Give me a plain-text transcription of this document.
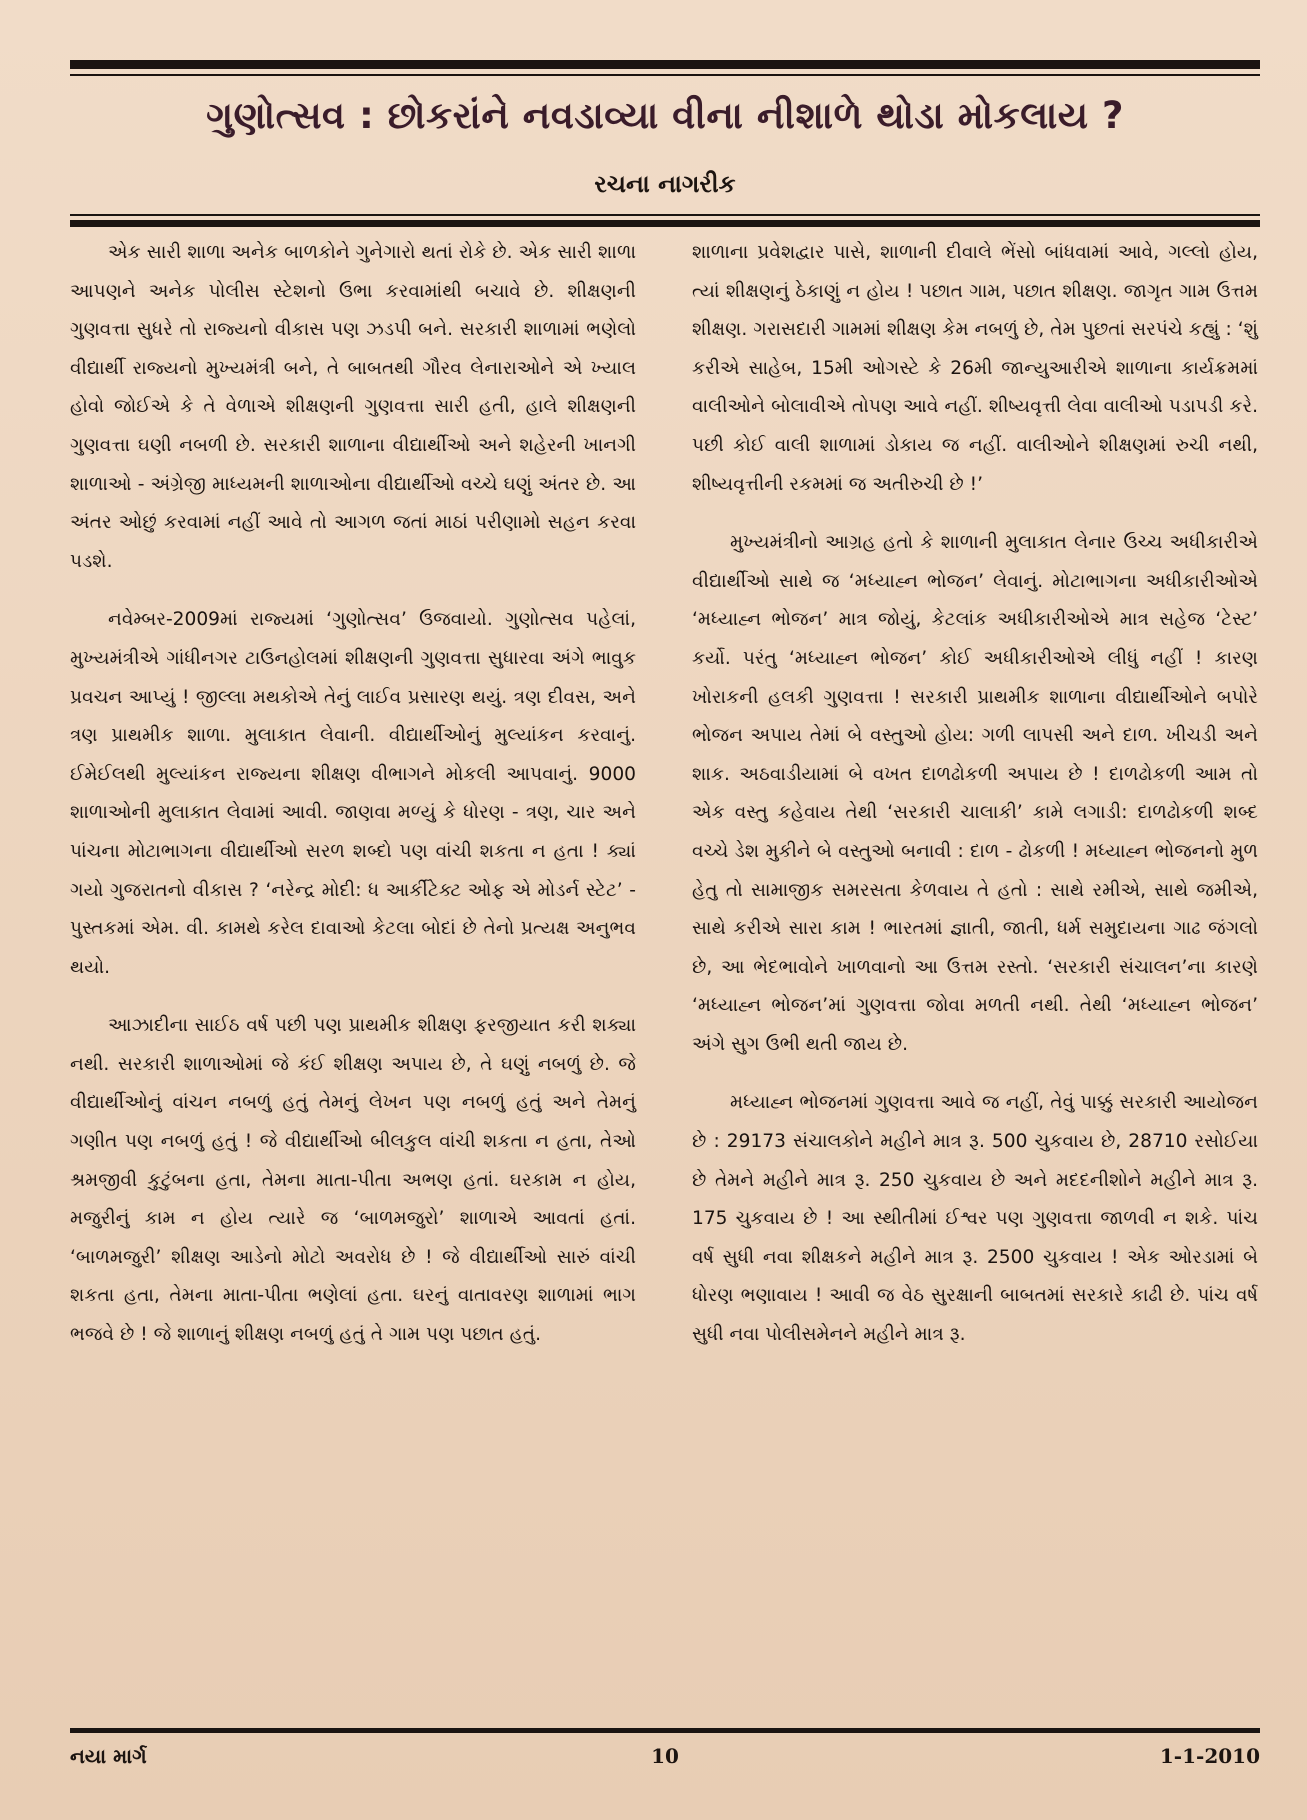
ગુણોત્સવ : છોકરાંને નવડાવ્યા વીના નીશાળે થોડા મોકલાય ?
રચના નાગરીક

એક સારી શાળા અનેક બાળકોને ગુનેગારો થતાં રોકે છે. એક સારી શાળા આપણને અનેક પોલીસ સ્ટેશનો ઉભા કરવામાંથી બચાવે છે. શીક્ષણની ગુણવત્તા સુધરે તો રાજ્યનો વીકાસ પણ ઝડપી બને. સરકારી શાળામાં ભણેલો વીદ્યાર્થી રાજ્યનો મુખ્યમંત્રી બને, તે બાબતથી ગૌરવ લેનારાઓને એ ખ્યાલ હોવો જોઈએ કે તે વેળાએ શીક્ષણની ગુણવત્તા સારી હતી, હાલે શીક્ષણની ગુણવત્તા ઘણી નબળી છે. સરકારી શાળાના વીદ્યાર્થીઓ અને શહેરની ખાનગી શાળાઓ - અંગ્રેજી માધ્યમની શાળાઓના વીદ્યાર્થીઓ વચ્ચે ઘણું અંતર છે. આ અંતર ઓછું કરવામાં નહીં આવે તો આગળ જતાં માઠાં પરીણામો સહન કરવા પડશે.

નવેમ્બર-2009માં રાજ્યમાં ‘ગુણોત્સવ’ ઉજવાયો. ગુણોત્સવ પહેલાં, મુખ્યમંત્રીએ ગાંધીનગર ટાઉનહોલમાં શીક્ષણની ગુણવત્તા સુધારવા અંગે ભાવુક પ્રવચન આપ્યું ! જીલ્લા મથકોએ તેનું લાઈવ પ્રસારણ થયું. ત્રણ દીવસ, અને ત્રણ પ્રાથમીક શાળા. મુલાકાત લેવાની. વીદ્યાર્થીઓનું મુલ્યાંકન કરવાનું. ઈમેઈલથી મુલ્યાંકન રાજ્યના શીક્ષણ વીભાગને મોકલી આપવાનું. 9000 શાળાઓની મુલાકાત લેવામાં આવી. જાણવા મળ્યું કે ધોરણ - ત્રણ, ચાર અને પાંચના મોટાભાગના વીદ્યાર્થીઓ સરળ શબ્દો પણ વાંચી શકતા ન હતા ! ક્યાં ગયો ગુજરાતનો વીકાસ ? ‘નરેન્દ્ર મોદી: ધ આર્કીટેક્ટ ઓફ એ મોડર્ન સ્ટેટ’ - પુસ્તકમાં એમ. વી. કામથે કરેલ દાવાઓ કેટલા બોદાં છે તેનો પ્રત્યક્ષ અનુભવ થયો.

આઝાદીના સાઈઠ વર્ષ પછી પણ પ્રાથમીક શીક્ષણ ફરજીયાત કરી શક્યા નથી. સરકારી શાળાઓમાં જે કંઈ શીક્ષણ અપાય છે, તે ઘણું નબળું છે. જે વીદ્યાર્થીઓનું વાંચન નબળું હતું તેમનું લેખન પણ નબળું હતું અને તેમનું ગણીત પણ નબળું હતું ! જે વીદ્યાર્થીઓ બીલકુલ વાંચી શકતા ન હતા, તેઓ શ્રમજીવી કુટુંબના હતા, તેમના માતા-પીતા અભણ હતાં. ઘરકામ ન હોય, મજુરીનું કામ ન હોય ત્યારે જ ‘બાળમજુરો’ શાળાએ આવતાં હતાં. ‘બાળમજુરી’ શીક્ષણ આડેનો મોટો અવરોધ છે ! જે વીદ્યાર્થીઓ સારું વાંચી શકતા હતા, તેમના માતા-પીતા ભણેલાં હતા. ઘરનું વાતાવરણ શાળામાં ભાગ ભજવે છે ! જે શાળાનું શીક્ષણ નબળું હતું તે ગામ પણ પછાત હતું.

શાળાના પ્રવેશદ્વાર પાસે, શાળાની દીવાલે ભેંસો બાંધવામાં આવે, ગલ્લો હોય, ત્યાં શીક્ષણનું ઠેકાણું ન હોય ! પછાત ગામ, પછાત શીક્ષણ. જાગૃત ગામ ઉત્તમ શીક્ષણ. ગરાસદારી ગામમાં શીક્ષણ કેમ નબળું છે, તેમ પુછતાં સરપંચે કહ્યું : ‘શું કરીએ સાહેબ, 15મી ઓગસ્ટે કે 26મી જાન્યુઆરીએ શાળાના કાર્યક્રમમાં વાલીઓને બોલાવીએ તોપણ આવે નહીં. શીષ્યવૃત્તી લેવા વાલીઓ પડાપડી કરે. પછી કોઈ વાલી શાળામાં ડોકાય જ નહીં. વાલીઓને શીક્ષણમાં રુચી નથી, શીષ્યવૃત્તીની રકમમાં જ અતીરુચી છે !’

મુખ્યમંત્રીનો આગ્રહ હતો કે શાળાની મુલાકાત લેનાર ઉચ્ચ અધીકારીએ વીદ્યાર્થીઓ સાથે જ ‘મધ્યાહ્ન ભોજન’ લેવાનું. મોટાભાગના અધીકારીઓએ ‘મધ્યાહ્ન ભોજન’ માત્ર જોયું, કેટલાંક અધીકારીઓએ માત્ર સહેજ ‘ટેસ્ટ’ કર્યો. પરંતુ ‘મધ્યાહ્ન ભોજન’ કોઈ અધીકારીઓએ લીધું નહીં ! કારણ ખોરાકની હલકી ગુણવત્તા ! સરકારી પ્રાથમીક શાળાના વીદ્યાર્થીઓને બપોરે ભોજન અપાય તેમાં બે વસ્તુઓ હોય: ગળી લાપસી અને દાળ. ખીચડી અને શાક. અઠવાડીયામાં બે વખત દાળઢોકળી અપાય છે ! દાળઢોકળી આમ તો એક વસ્તુ કહેવાય તેથી ‘સરકારી ચાલાકી’ કામે લગાડી: દાળઢોકળી શબ્દ વચ્ચે ડેશ મુકીને બે વસ્તુઓ બનાવી : દાળ - ઢોકળી ! મધ્યાહ્ન ભોજનનો મુળ હેતુ તો સામાજીક સમરસતા કેળવાય તે હતો : સાથે રમીએ, સાથે જમીએ, સાથે કરીએ સારા કામ ! ભારતમાં જ્ઞાતી, જાતી, ધર્મ સમુદાયના ગાઢ જંગલો છે, આ ભેદભાવોને ખાળવાનો આ ઉત્તમ રસ્તો. ‘સરકારી સંચાલન’ના કારણે ‘મધ્યાહ્ન ભોજન’માં ગુણવત્તા જોવા મળતી નથી. તેથી ‘મધ્યાહ્ન ભોજન’ અંગે સુગ ઉભી થતી જાય છે.

મધ્યાહ્ન ભોજનમાં ગુણવત્તા આવે જ નહીં, તેવું પાક્કું સરકારી આયોજન છે : 29173 સંચાલકોને મહીને માત્ર રૂ. 500 ચુકવાય છે, 28710 રસોઈયા છે તેમને મહીને માત્ર રૂ. 250 ચુકવાય છે અને મદદનીશોને મહીને માત્ર રૂ. 175 ચુકવાય છે ! આ સ્થીતીમાં ઈશ્વર પણ ગુણવત્તા જાળવી ન શકે. પાંચ વર્ષ સુધી નવા શીક્ષકને મહીને માત્ર રૂ. 2500 ચુકવાય ! એક ઓરડામાં બે ધોરણ ભણાવાય ! આવી જ વેઠ સુરક્ષાની બાબતમાં સરકારે કાઢી છે. પાંચ વર્ષ સુધી નવા પોલીસમેનને મહીને માત્ર રૂ.

નયા માર્ગ	10	1-1-2010
